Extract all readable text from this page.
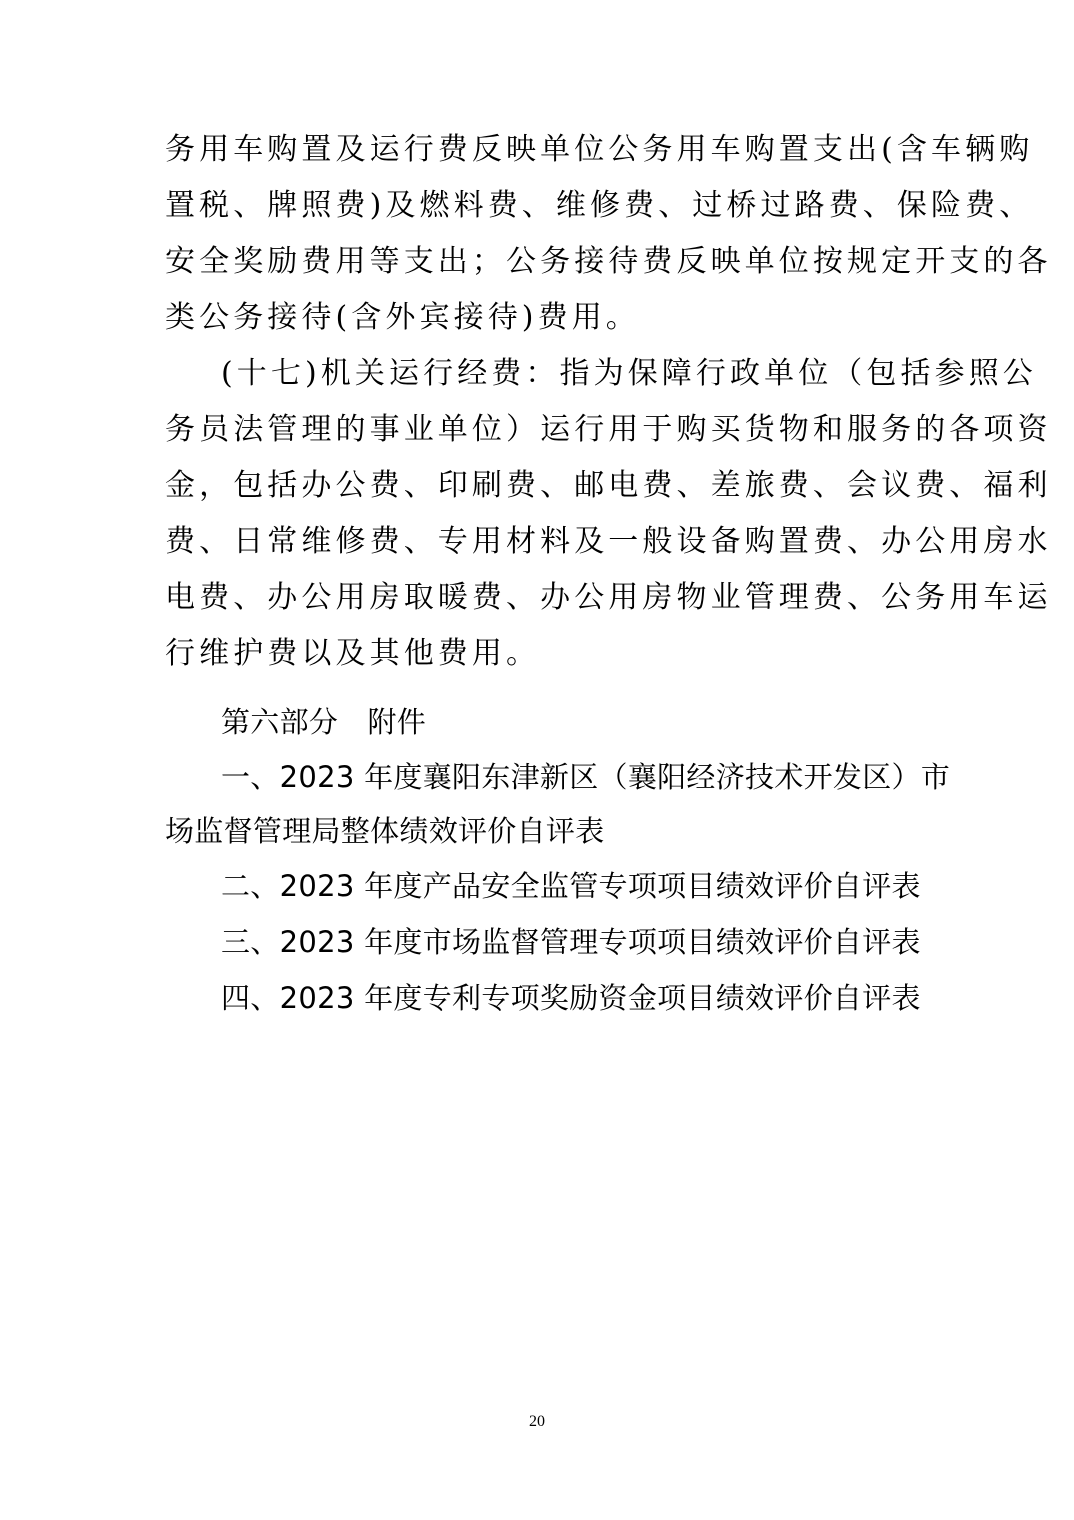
务用车购置及运行费反映单位公务用车购置支出(含车辆购
置税、牌照费)及燃料费、维修费、过桥过路费、保险费、
安全奖励费用等支出；公务接待费反映单位按规定开支的各
类公务接待(含外宾接待)费用。
(十七)机关运行经费：指为保障行政单位（包括参照公
务员法管理的事业单位）运行用于购买货物和服务的各项资
金，包括办公费、印刷费、邮电费、差旅费、会议费、福利
费、日常维修费、专用材料及一般设备购置费、办公用房水
电费、办公用房取暖费、办公用房物业管理费、公务用车运
行维护费以及其他费用。
第六部分　附件
一、2023 年度襄阳东津新区（襄阳经济技术开发区）市
场监督管理局整体绩效评价自评表
二、2023 年度产品安全监管专项项目绩效评价自评表
三、2023 年度市场监督管理专项项目绩效评价自评表
四、2023 年度专利专项奖励资金项目绩效评价自评表
20
